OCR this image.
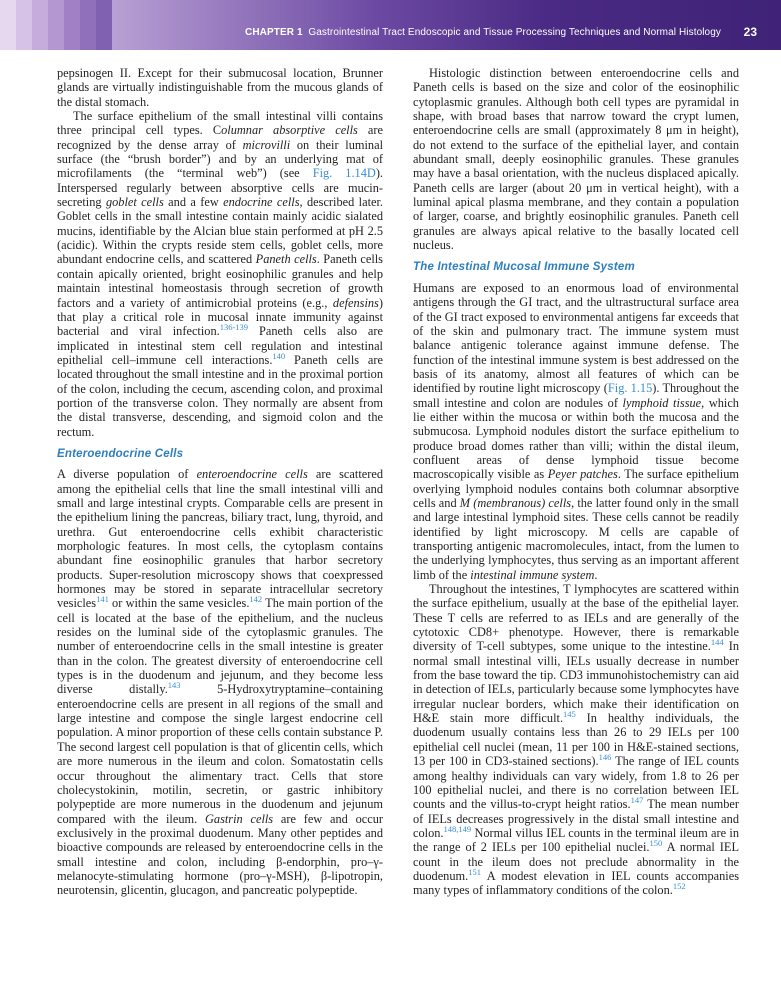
CHAPTER 1 Gastrointestinal Tract Endoscopic and Tissue Processing Techniques and Normal Histology 23

pepsinogen II. Except for their submucosal location, Brunner glands are virtually indistinguishable from the mucous glands of the distal stomach.

The surface epithelium of the small intestinal villi contains three principal cell types. Columnar absorptive cells are recognized by the dense array of microvilli on their luminal surface (the “brush border”) and by an underlying mat of microfilaments (the “terminal web”) (see Fig. 1.14D). Interspersed regularly between absorptive cells are mucin-secreting goblet cells and a few endocrine cells, described later. Goblet cells in the small intestine contain mainly acidic sialated mucins, identifiable by the Alcian blue stain performed at pH 2.5 (acidic). Within the crypts reside stem cells, goblet cells, more abundant endocrine cells, and scattered Paneth cells. Paneth cells contain apically oriented, bright eosinophilic granules and help maintain intestinal homeostasis through secretion of growth factors and a variety of antimicrobial proteins (e.g., defensins) that play a critical role in mucosal innate immunity against bacterial and viral infection.$^{136-139}$ Paneth cells also are implicated in intestinal stem cell regulation and intestinal epithelial cell–immune cell interactions.$^{140}$ Paneth cells are located throughout the small intestine and in the proximal portion of the colon, including the cecum, ascending colon, and proximal portion of the transverse colon. They normally are absent from the distal transverse, descending, and sigmoid colon and the rectum.

Enteroendocrine Cells

A diverse population of enteroendocrine cells are scattered among the epithelial cells that line the small intestinal villi and small and large intestinal crypts. Comparable cells are present in the epithelium lining the pancreas, biliary tract, lung, thyroid, and urethra. Gut enteroendocrine cells exhibit characteristic morphologic features. In most cells, the cytoplasm contains abundant fine eosinophilic granules that harbor secretory products. Super-resolution microscopy shows that coexpressed hormones may be stored in separate intracellular secretory vesicles$^{141}$ or within the same vesicles.$^{142}$ The main portion of the cell is located at the base of the epithelium, and the nucleus resides on the luminal side of the cytoplasmic granules. The number of enteroendocrine cells in the small intestine is greater than in the colon. The greatest diversity of enteroendocrine cell types is in the duodenum and jejunum, and they become less diverse distally.$^{143}$ 5-Hydroxytryptamine–containing enteroendocrine cells are present in all regions of the small and large intestine and compose the single largest endocrine cell population. A minor proportion of these cells contain substance P. The second largest cell population is that of glicentin cells, which are more numerous in the ileum and colon. Somatostatin cells occur throughout the alimentary tract. Cells that store cholecystokinin, motilin, secretin, or gastric inhibitory polypeptide are more numerous in the duodenum and jejunum compared with the ileum. Gastrin cells are few and occur exclusively in the proximal duodenum. Many other peptides and bioactive compounds are released by enteroendocrine cells in the small intestine and colon, including β-endorphin, pro–γ-melanocyte-stimulating hormone (pro–γ-MSH), β-lipotropin, neurotensin, glicentin, glucagon, and pancreatic polypeptide.

Histologic distinction between enteroendocrine cells and Paneth cells is based on the size and color of the eosinophilic cytoplasmic granules. Although both cell types are pyramidal in shape, with broad bases that narrow toward the crypt lumen, enteroendocrine cells are small (approximately 8 μm in height), do not extend to the surface of the epithelial layer, and contain abundant small, deeply eosinophilic granules. These granules may have a basal orientation, with the nucleus displaced apically. Paneth cells are larger (about 20 μm in vertical height), with a luminal apical plasma membrane, and they contain a population of larger, coarse, and brightly eosinophilic granules. Paneth cell granules are always apical relative to the basally located cell nucleus.

The Intestinal Mucosal Immune System

Humans are exposed to an enormous load of environmental antigens through the GI tract, and the ultrastructural surface area of the GI tract exposed to environmental antigens far exceeds that of the skin and pulmonary tract. The immune system must balance antigenic tolerance against immune defense. The function of the intestinal immune system is best addressed on the basis of its anatomy, almost all features of which can be identified by routine light microscopy (Fig. 1.15). Throughout the small intestine and colon are nodules of lymphoid tissue, which lie either within the mucosa or within both the mucosa and the submucosa. Lymphoid nodules distort the surface epithelium to produce broad domes rather than villi; within the distal ileum, confluent areas of dense lymphoid tissue become macroscopically visible as Peyer patches. The surface epithelium overlying lymphoid nodules contains both columnar absorptive cells and M (membranous) cells, the latter found only in the small and large intestinal lymphoid sites. These cells cannot be readily identified by light microscopy. M cells are capable of transporting antigenic macromolecules, intact, from the lumen to the underlying lymphocytes, thus serving as an important afferent limb of the intestinal immune system.

Throughout the intestines, T lymphocytes are scattered within the surface epithelium, usually at the base of the epithelial layer. These T cells are referred to as IELs and are generally of the cytotoxic CD8+ phenotype. However, there is remarkable diversity of T-cell subtypes, some unique to the intestine.$^{144}$ In normal small intestinal villi, IELs usually decrease in number from the base toward the tip. CD3 immunohistochemistry can aid in detection of IELs, particularly because some lymphocytes have irregular nuclear borders, which make their identification on H&E stain more difficult.$^{145}$ In healthy individuals, the duodenum usually contains less than 26 to 29 IELs per 100 epithelial cell nuclei (mean, 11 per 100 in H&E-stained sections, 13 per 100 in CD3-stained sections).$^{146}$ The range of IEL counts among healthy individuals can vary widely, from 1.8 to 26 per 100 epithelial nuclei, and there is no correlation between IEL counts and the villus-to-crypt height ratios.$^{147}$ The mean number of IELs decreases progressively in the distal small intestine and colon.$^{148,149}$ Normal villus IEL counts in the terminal ileum are in the range of 2 IELs per 100 epithelial nuclei.$^{150}$ A normal IEL count in the ileum does not preclude abnormality in the duodenum.$^{151}$ A modest elevation in IEL counts accompanies many types of inflammatory conditions of the colon.$^{152}$
